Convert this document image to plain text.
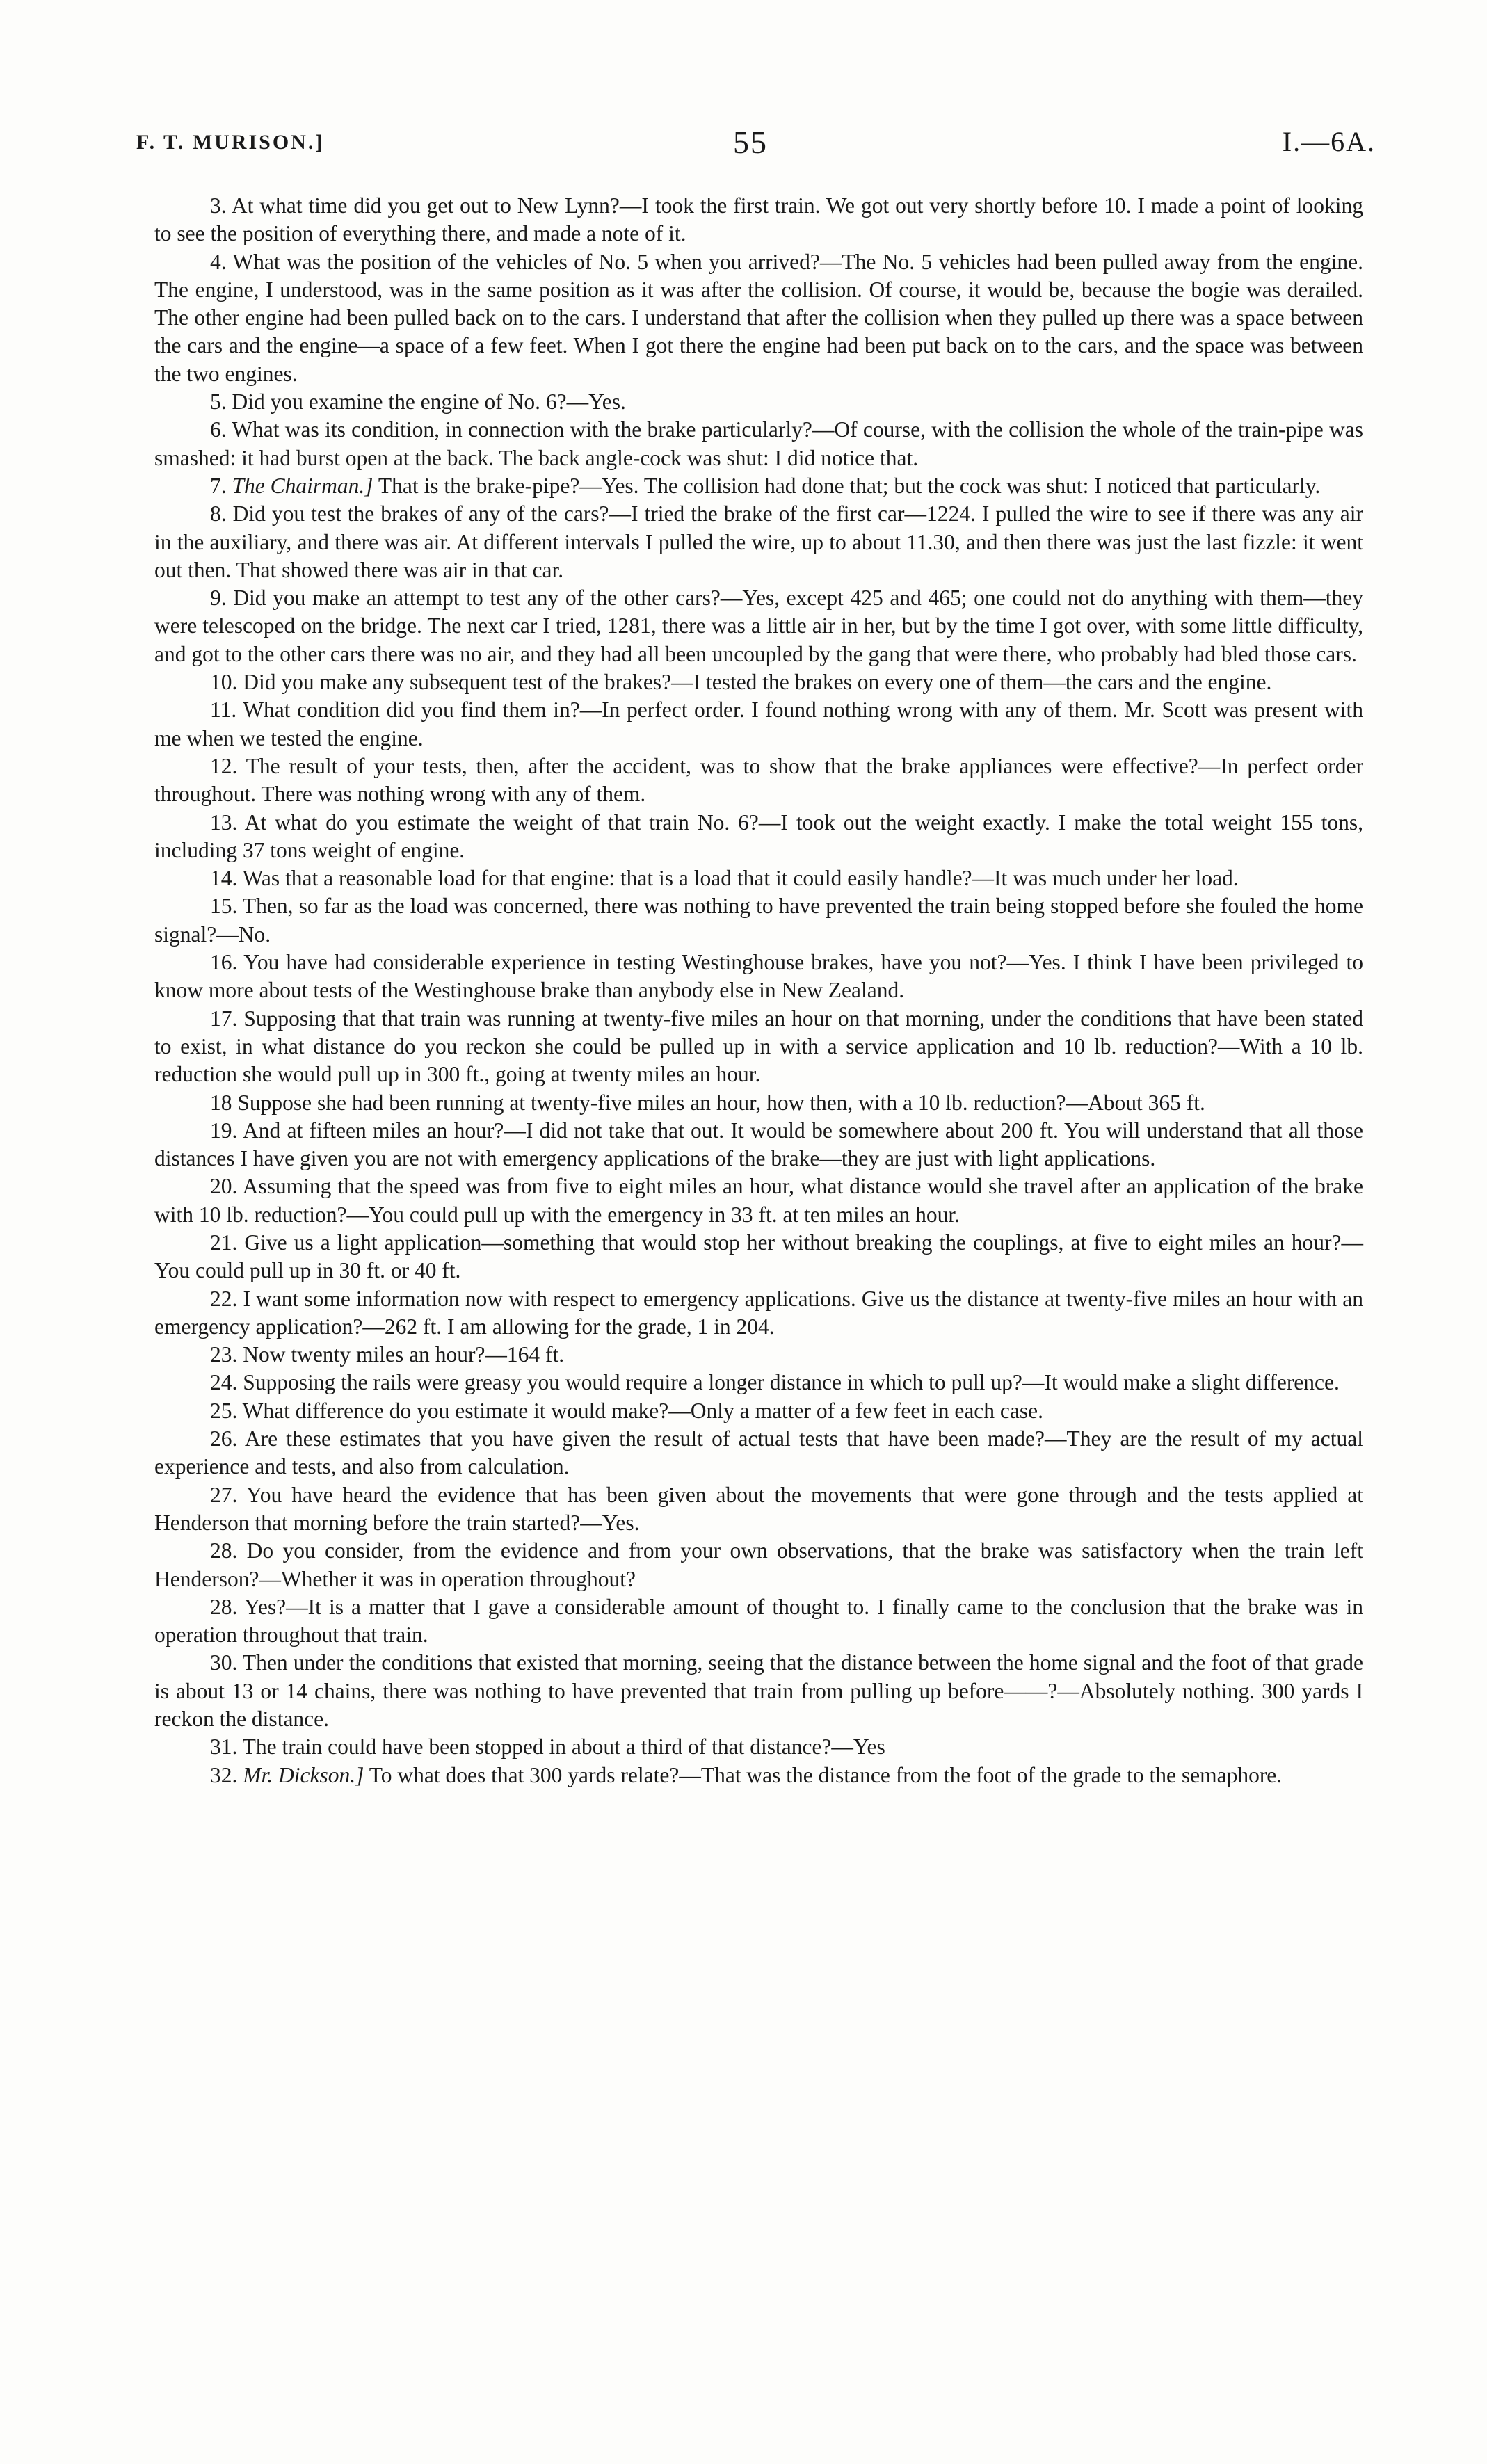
F. T. MURISON.]	55	I.—6A.

3. At what time did you get out to New Lynn?—I took the first train. We got out very shortly before 10. I made a point of looking to see the position of everything there, and made a note of it.

4. What was the position of the vehicles of No. 5 when you arrived?—The No. 5 vehicles had been pulled away from the engine. The engine, I understood, was in the same position as it was after the collision. Of course, it would be, because the bogie was derailed. The other engine had been pulled back on to the cars. I understand that after the collision when they pulled up there was a space between the cars and the engine—a space of a few feet. When I got there the engine had been put back on to the cars, and the space was between the two engines.

5. Did you examine the engine of No. 6?—Yes.

6. What was its condition, in connection with the brake particularly?—Of course, with the collision the whole of the train-pipe was smashed: it had burst open at the back. The back angle-cock was shut: I did notice that.

7. The Chairman.] That is the brake-pipe?—Yes. The collision had done that; but the cock was shut: I noticed that particularly.

8. Did you test the brakes of any of the cars?—I tried the brake of the first car—1224. I pulled the wire to see if there was any air in the auxiliary, and there was air. At different intervals I pulled the wire, up to about 11.30, and then there was just the last fizzle: it went out then. That showed there was air in that car.

9. Did you make an attempt to test any of the other cars?—Yes, except 425 and 465; one could not do anything with them—they were telescoped on the bridge. The next car I tried, 1281, there was a little air in her, but by the time I got over, with some little difficulty, and got to the other cars there was no air, and they had all been uncoupled by the gang that were there, who probably had bled those cars.

10. Did you make any subsequent test of the brakes?—I tested the brakes on every one of them—the cars and the engine.

11. What condition did you find them in?—In perfect order. I found nothing wrong with any of them. Mr. Scott was present with me when we tested the engine.

12. The result of your tests, then, after the accident, was to show that the brake appliances were effective?—In perfect order throughout. There was nothing wrong with any of them.

13. At what do you estimate the weight of that train No. 6?—I took out the weight exactly. I make the total weight 155 tons, including 37 tons weight of engine.

14. Was that a reasonable load for that engine: that is a load that it could easily handle?—It was much under her load.

15. Then, so far as the load was concerned, there was nothing to have prevented the train being stopped before she fouled the home signal?—No.

16. You have had considerable experience in testing Westinghouse brakes, have you not?—Yes. I think I have been privileged to know more about tests of the Westinghouse brake than anybody else in New Zealand.

17. Supposing that that train was running at twenty-five miles an hour on that morning, under the conditions that have been stated to exist, in what distance do you reckon she could be pulled up in with a service application and 10 lb. reduction?—With a 10 lb. reduction she would pull up in 300 ft., going at twenty miles an hour.

18 Suppose she had been running at twenty-five miles an hour, how then, with a 10 lb. reduction?—About 365 ft.

19. And at fifteen miles an hour?—I did not take that out. It would be somewhere about 200 ft. You will understand that all those distances I have given you are not with emergency applications of the brake—they are just with light applications.

20. Assuming that the speed was from five to eight miles an hour, what distance would she travel after an application of the brake with 10 lb. reduction?—You could pull up with the emergency in 33 ft. at ten miles an hour.

21. Give us a light application—something that would stop her without breaking the couplings, at five to eight miles an hour?—You could pull up in 30 ft. or 40 ft.

22. I want some information now with respect to emergency applications. Give us the distance at twenty-five miles an hour with an emergency application?—262 ft. I am allowing for the grade, 1 in 204.

23. Now twenty miles an hour?—164 ft.

24. Supposing the rails were greasy you would require a longer distance in which to pull up?—It would make a slight difference.

25. What difference do you estimate it would make?—Only a matter of a few feet in each case.

26. Are these estimates that you have given the result of actual tests that have been made?—They are the result of my actual experience and tests, and also from calculation.

27. You have heard the evidence that has been given about the movements that were gone through and the tests applied at Henderson that morning before the train started?—Yes.

28. Do you consider, from the evidence and from your own observations, that the brake was satisfactory when the train left Henderson?—Whether it was in operation throughout?

28. Yes?—It is a matter that I gave a considerable amount of thought to. I finally came to the conclusion that the brake was in operation throughout that train.

30. Then under the conditions that existed that morning, seeing that the distance between the home signal and the foot of that grade is about 13 or 14 chains, there was nothing to have prevented that train from pulling up before——?—Absolutely nothing. 300 yards I reckon the distance.

31. The train could have been stopped in about a third of that distance?—Yes

32. Mr. Dickson.] To what does that 300 yards relate?—That was the distance from the foot of the grade to the semaphore.
